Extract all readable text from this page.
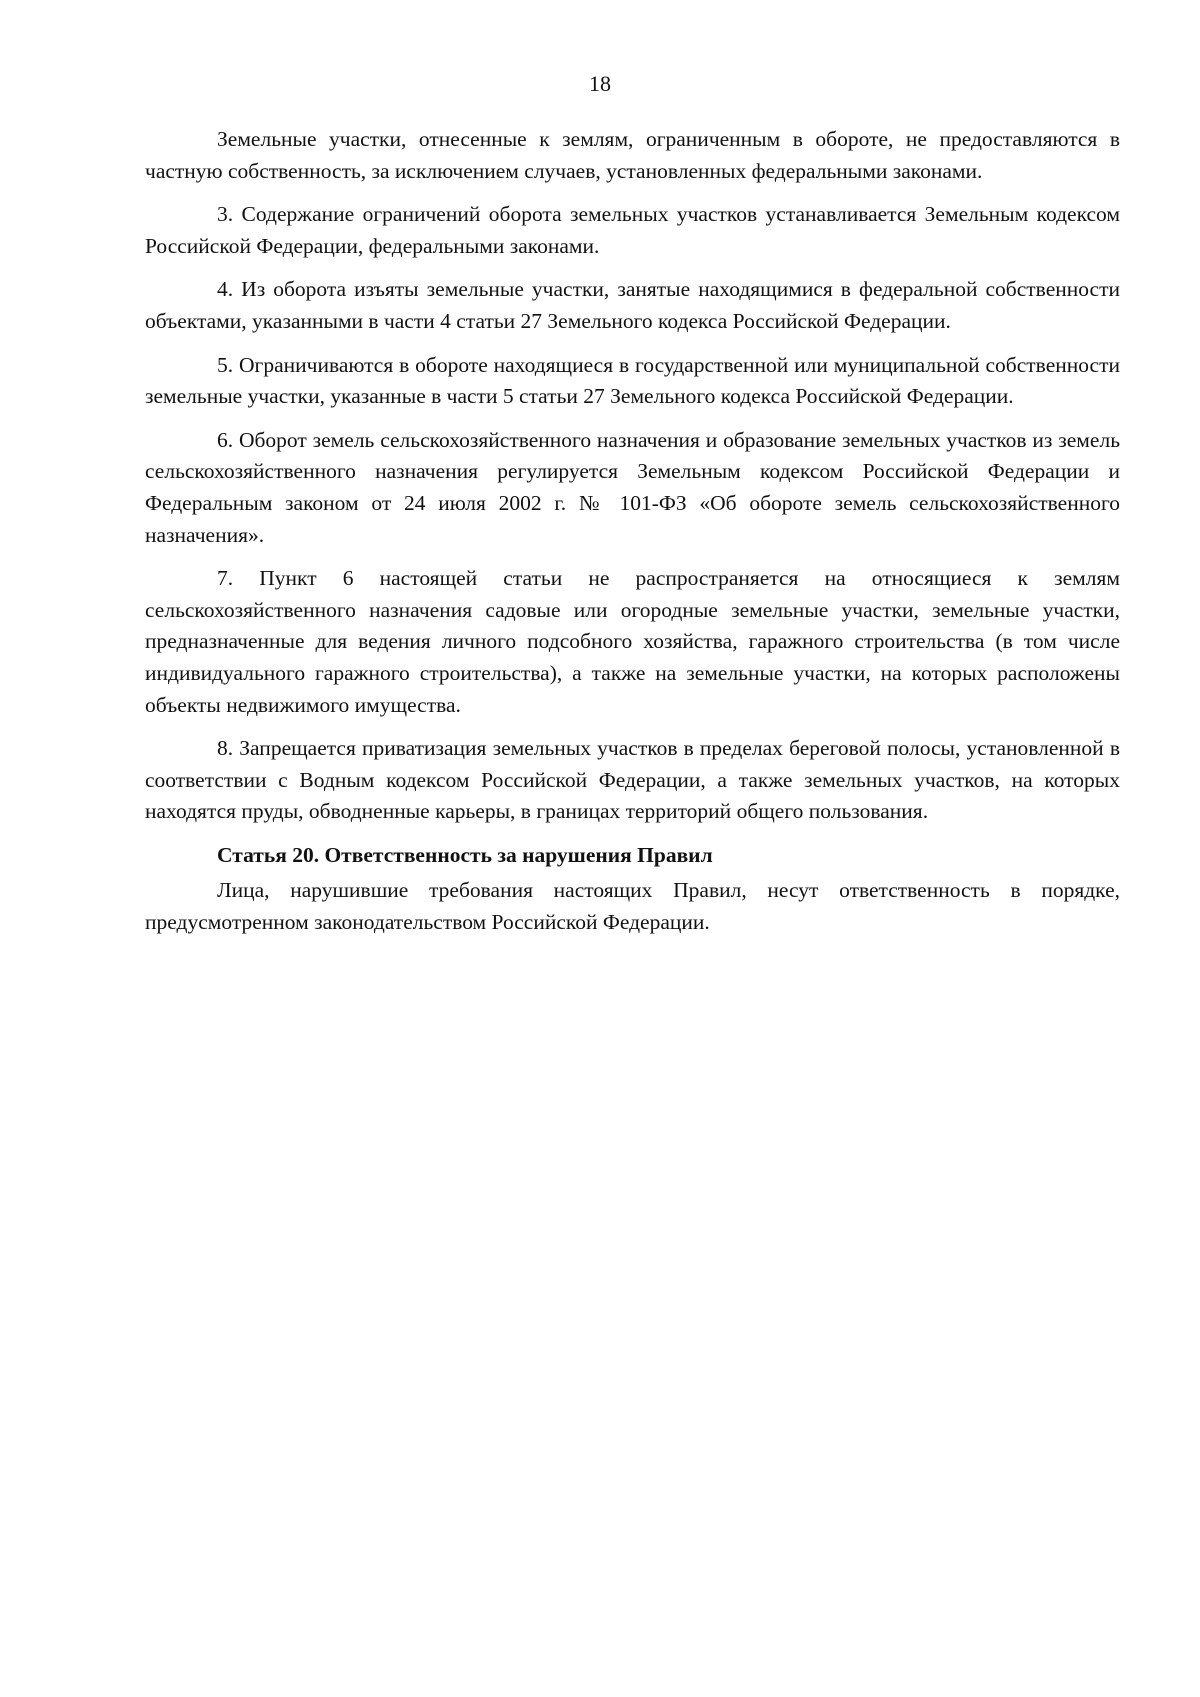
18

Земельные участки, отнесенные к землям, ограниченным в обороте, не предоставляются в частную собственность, за исключением случаев, установленных федеральными законами.

3. Содержание ограничений оборота земельных участков устанавливается Земельным кодексом Российской Федерации, федеральными законами.

4. Из оборота изъяты земельные участки, занятые находящимися в федеральной собственности объектами, указанными в части 4 статьи 27 Земельного кодекса Российской Федерации.

5. Ограничиваются в обороте находящиеся в государственной или муниципальной собственности земельные участки, указанные в части 5 статьи 27 Земельного кодекса Российской Федерации.

6. Оборот земель сельскохозяйственного назначения и образование земельных участков из земель сельскохозяйственного назначения регулируется Земельным кодексом Российской Федерации и Федеральным законом от 24 июля 2002 г. № 101-ФЗ «Об обороте земель сельскохозяйственного назначения».

7. Пункт 6 настоящей статьи не распространяется на относящиеся к землям сельскохозяйственного назначения садовые или огородные земельные участки, земельные участки, предназначенные для ведения личного подсобного хозяйства, гаражного строительства (в том числе индивидуального гаражного строительства), а также на земельные участки, на которых расположены объекты недвижимого имущества.

8. Запрещается приватизация земельных участков в пределах береговой полосы, установленной в соответствии с Водным кодексом Российской Федерации, а также земельных участков, на которых находятся пруды, обводненные карьеры, в границах территорий общего пользования.

Статья 20. Ответственность за нарушения Правил

Лица, нарушившие требования настоящих Правил, несут ответственность в порядке, предусмотренном законодательством Российской Федерации.
